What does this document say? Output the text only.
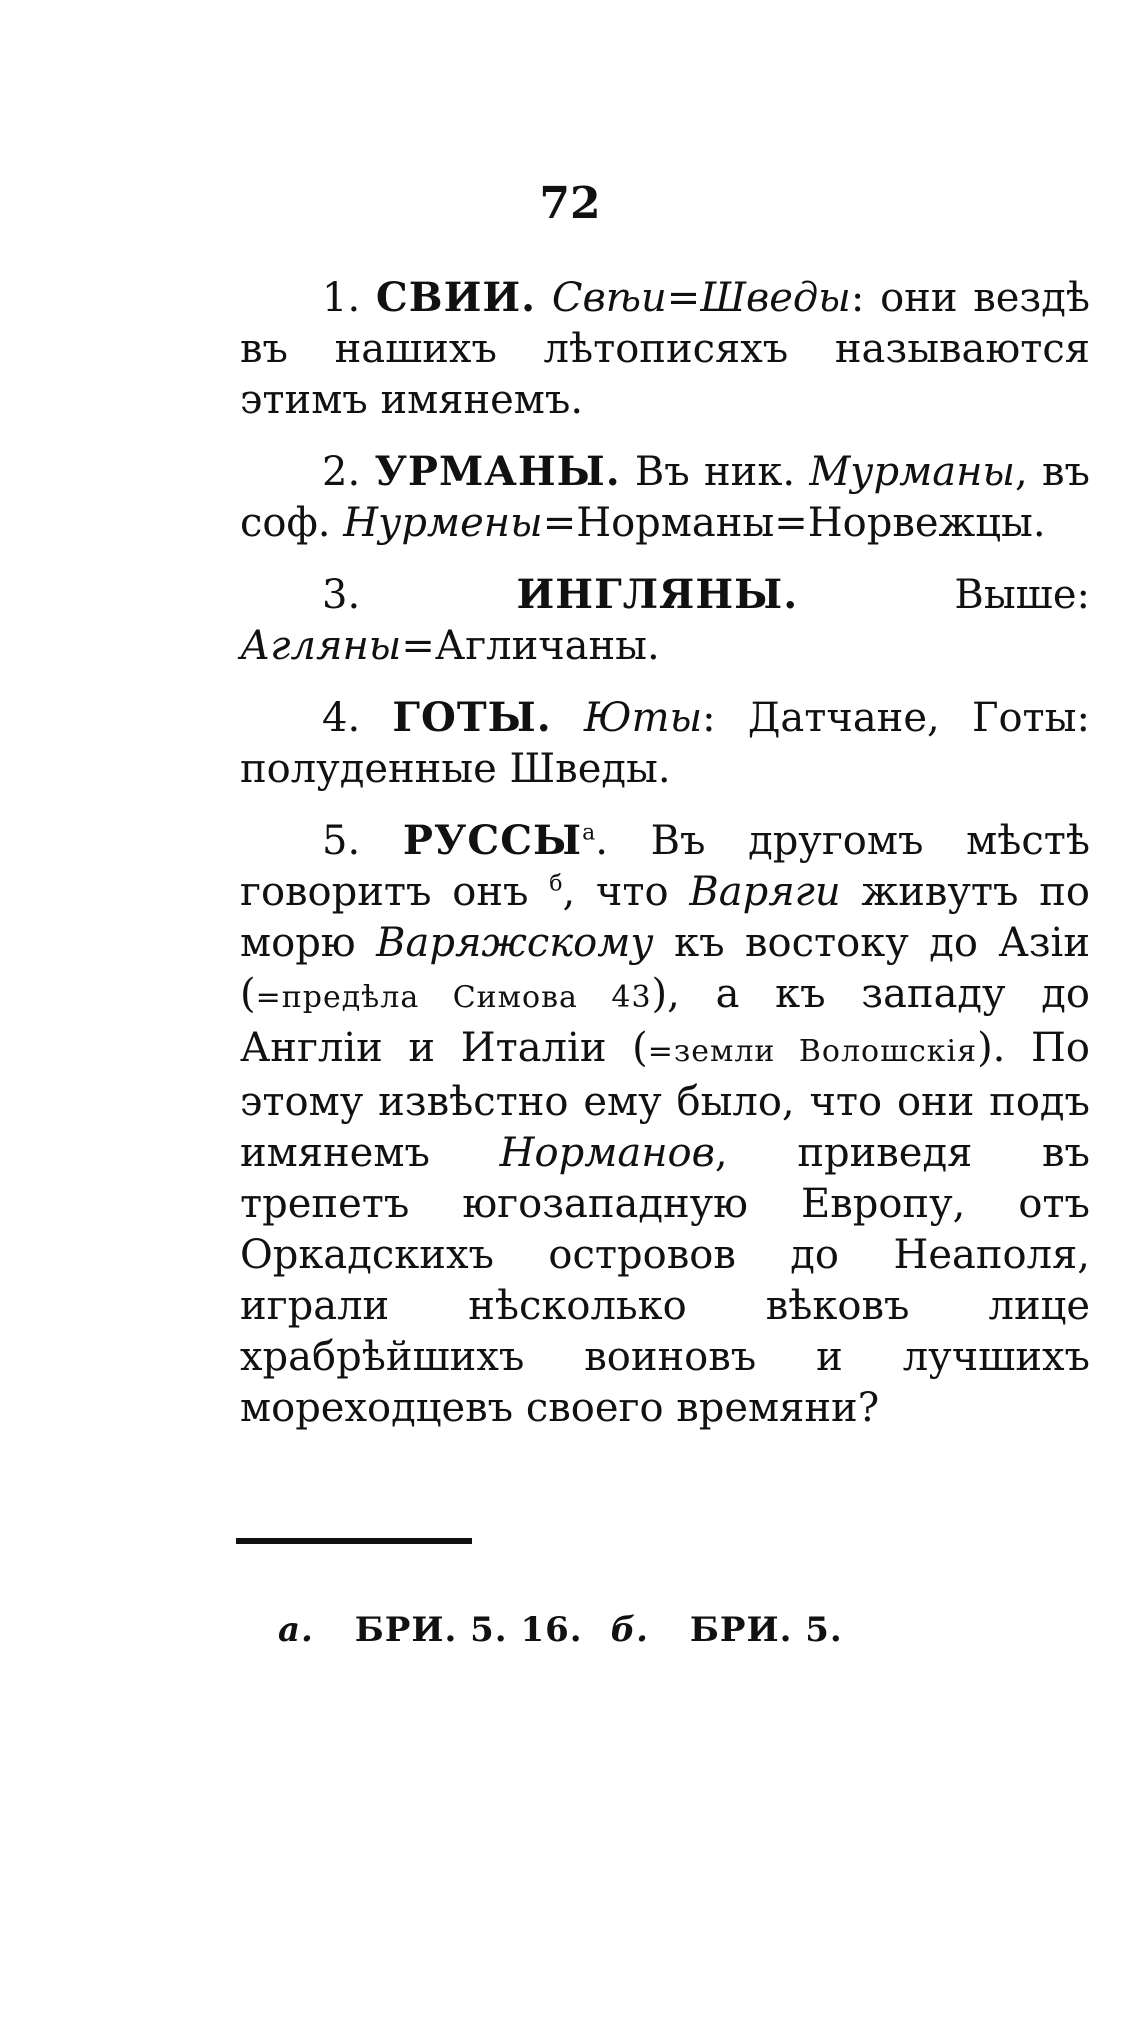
72

1. СВИИ. Свѣи=Шведы: они вездѣ въ нашихъ лѣтописяхъ называются этимъ имянемъ.

2. УРМАНЫ. Въ ник. Мурманы, въ соф. Нурмены=Норманы=Норвежцы.

3. ИНГЛЯНЫ. Выше: Агляны=Агличаны.

4. ГОТЫ. Юты: Датчане, Готы: полуденные Шведы.

5. $РУССЫ^а$. Въ другомъ мѣстѣ говоритъ онъ $^б$, что Варяги живутъ по морю Варяжскому къ востоку до Азiи (=предѣла Симова 43), а къ западу до Англiи и Италiи (=земли Волошскiя). По этому извѣстно ему было, что они подъ имянемъ Норманов, приведя въ трепетъ югозападную Европу, отъ Оркадскихъ островов до Неаполя, играли нѣсколько вѣковъ лице храбрѣйшихъ воиновъ и лучшихъ мореходцевъ своего времяни?

а. БРИ. 5. 16. б. БРИ. 5.
